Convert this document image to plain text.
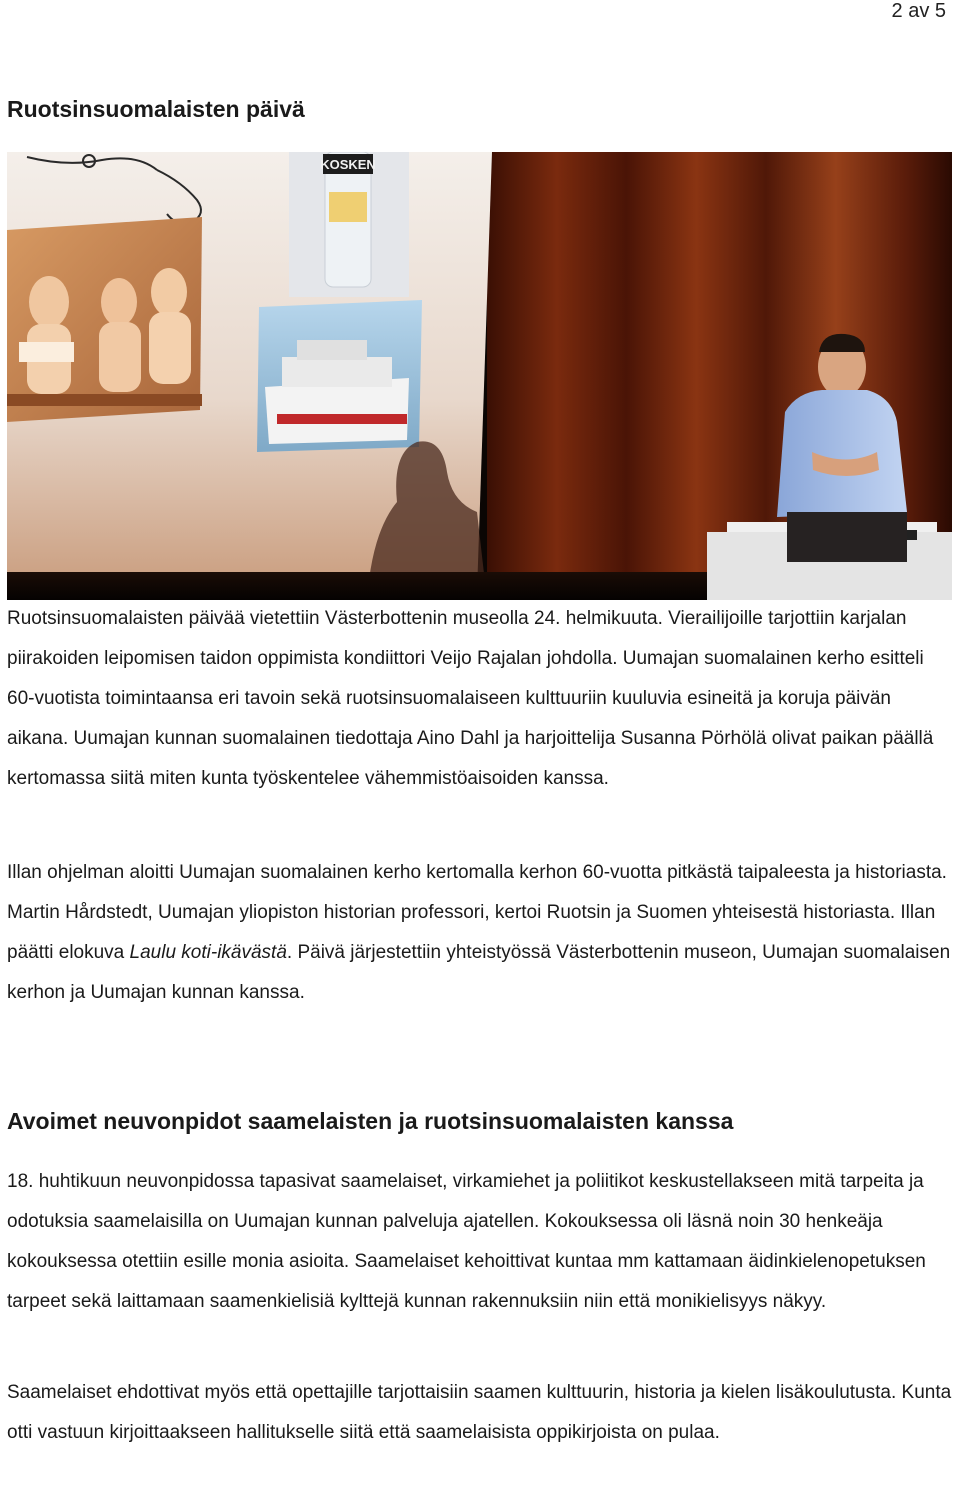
2 av 5
Ruotsinsuomalaisten päivä
KOSKEN

Ruotsinsuomalaisten päivää vietettiin Västerbottenin museolla 24. helmikuuta. Vierailijoille tarjottiin karjalan piirakoiden leipomisen taidon oppimista kondiittori Veijo Rajalan johdolla. Uumajan suomalainen kerho esitteli 60-vuotista toimintaansa eri tavoin sekä ruotsinsuomalaiseen kulttuuriin kuuluvia esineitä ja koruja päivän aikana. Uumajan kunnan suomalainen tiedottaja Aino Dahl ja harjoittelija Susanna Pörhölä olivat paikan päällä kertomassa siitä miten kunta työskentelee vähemmistöaisoiden kanssa.

Illan ohjelman aloitti Uumajan suomalainen kerho kertomalla kerhon 60-vuotta pitkästä taipaleesta ja historiasta. Martin Hårdstedt, Uumajan yliopiston historian professori, kertoi Ruotsin ja Suomen yhteisestä historiasta. Illan päätti elokuva Laulu koti-ikävästä. Päivä järjestettiin yhteistyössä Västerbottenin museon, Uumajan suomalaisen kerhon ja Uumajan kunnan kanssa.

Avoimet neuvonpidot saamelaisten ja ruotsinsuomalaisten kanssa

18. huhtikuun neuvonpidossa tapasivat saamelaiset, virkamiehet ja poliitikot keskustellakseen mitä tarpeita ja odotuksia saamelaisilla on Uumajan kunnan palveluja ajatellen. Kokouksessa oli läsnä noin 30 henkeäja kokouksessa otettiin esille monia asioita. Saamelaiset kehoittivat kuntaa mm kattamaan äidinkielenopetuksen tarpeet sekä laittamaan saamenkielisiä kylttejä kunnan rakennuksiin niin että monikielisyys näkyy.

Saamelaiset ehdottivat myös että opettajille tarjottaisiin saamen kulttuurin, historia ja kielen lisäkoulutusta. Kunta otti vastuun kirjoittaakseen hallitukselle siitä että saamelaisista oppikirjoista on pulaa.
